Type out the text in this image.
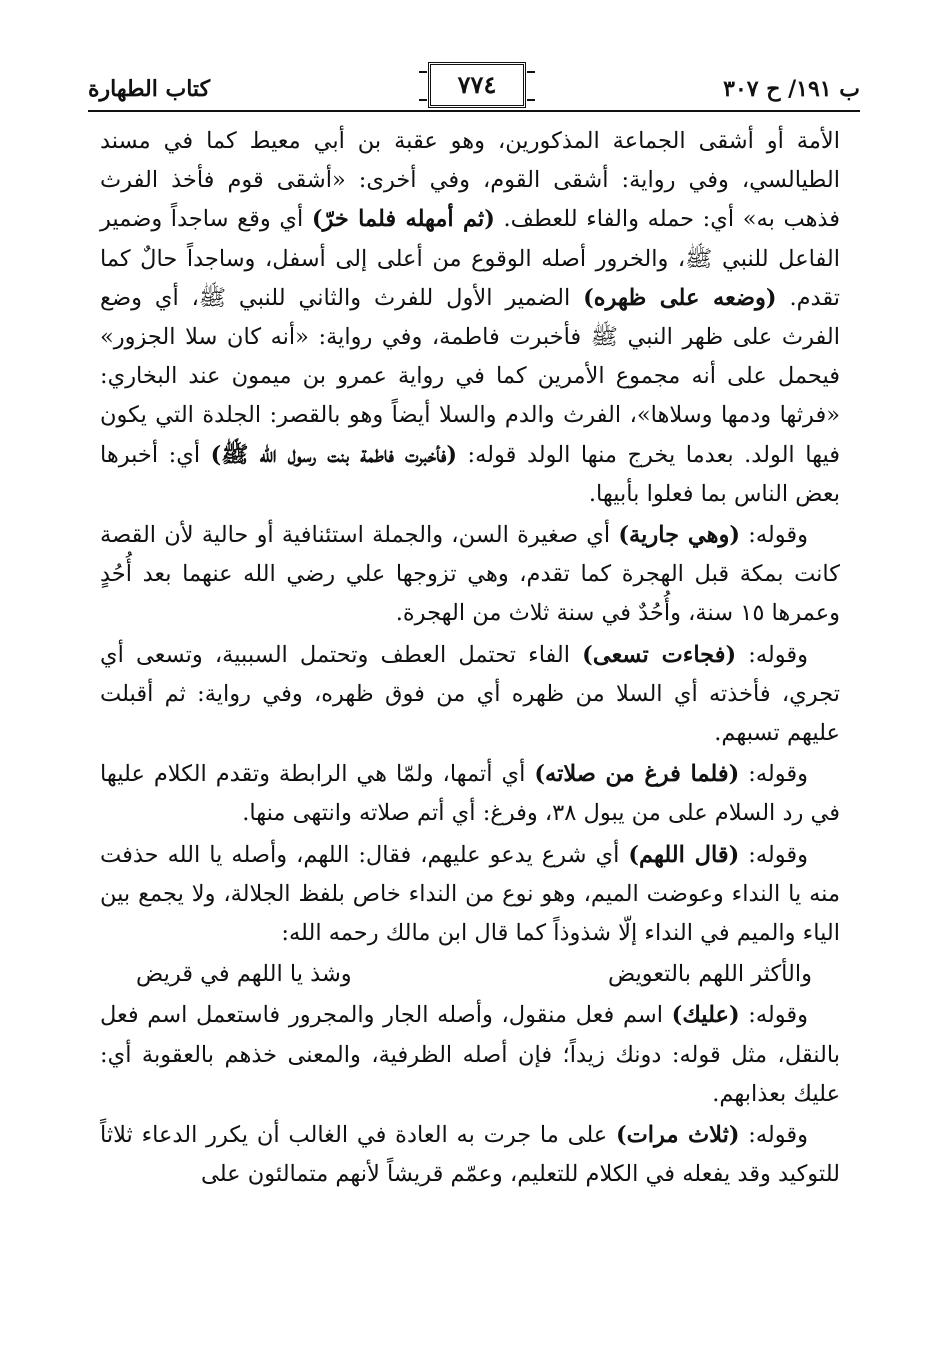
ب ١٩١/ ح ٣٠٧
٧٧٤
كتاب الطهارة
الأمة أو أشقى الجماعة المذكورين، وهو عقبة بن أبي معيط كما في مسند الطيالسي، وفي رواية: أشقى القوم، وفي أخرى: «أشقى قوم فأخذ الفرث فذهب به» أي: حمله والفاء للعطف. (ثم أمهله فلما خرّ) أي وقع ساجداً وضمير الفاعل للنبي ﷺ، والخرور أصله الوقوع من أعلى إلى أسفل، وساجداً حالٌ كما تقدم. (وضعه على ظهره) الضمير الأول للفرث والثاني للنبي ﷺ، أي وضع الفرث على ظهر النبي ﷺ فأخبرت فاطمة، وفي رواية: «أنه كان سلا الجزور» فيحمل على أنه مجموع الأمرين كما في رواية عمرو بن ميمون عند البخاري: «فرثها ودمها وسلاها»، الفرث والدم والسلا أيضاً وهو بالقصر: الجلدة التي يكون فيها الولد. بعدما يخرج منها الولد قوله: (فأخبرت فاطمة بنت رسول الله ﷺ) أي: أخبرها بعض الناس بما فعلوا بأبيها.
وقوله: (وهي جارية) أي صغيرة السن، والجملة استئنافية أو حالية لأن القصة كانت بمكة قبل الهجرة كما تقدم، وهي تزوجها علي رضي الله عنهما بعد أُحُدٍ وعمرها ١٥ سنة، وأُحُدٌ في سنة ثلاث من الهجرة.
وقوله: (فجاءت تسعى) الفاء تحتمل العطف وتحتمل السببية، وتسعى أي تجري، فأخذته أي السلا من ظهره أي من فوق ظهره، وفي رواية: ثم أقبلت عليهم تسبهم.
وقوله: (فلما فرغ من صلاته) أي أتمها، ولمّا هي الرابطة وتقدم الكلام عليها في رد السلام على من يبول ٣٨، وفرغ: أي أتم صلاته وانتهى منها.
وقوله: (قال اللهم) أي شرع يدعو عليهم، فقال: اللهم، وأصله يا الله حذفت منه يا النداء وعوضت الميم، وهو نوع من النداء خاص بلفظ الجلالة، ولا يجمع بين الياء والميم في النداء إلّا شذوذاً كما قال ابن مالك رحمه الله:
والأكثر اللهم بالتعويض
وشذ يا اللهم في قريض
وقوله: (عليك) اسم فعل منقول، وأصله الجار والمجرور فاستعمل اسم فعل بالنقل، مثل قوله: دونك زيداً؛ فإن أصله الظرفية، والمعنى خذهم بالعقوبة أي: عليك بعذابهم.
وقوله: (ثلاث مرات) على ما جرت به العادة في الغالب أن يكرر الدعاء ثلاثاً للتوكيد وقد يفعله في الكلام للتعليم، وعمّم قريشاً لأنهم متمالئون على
